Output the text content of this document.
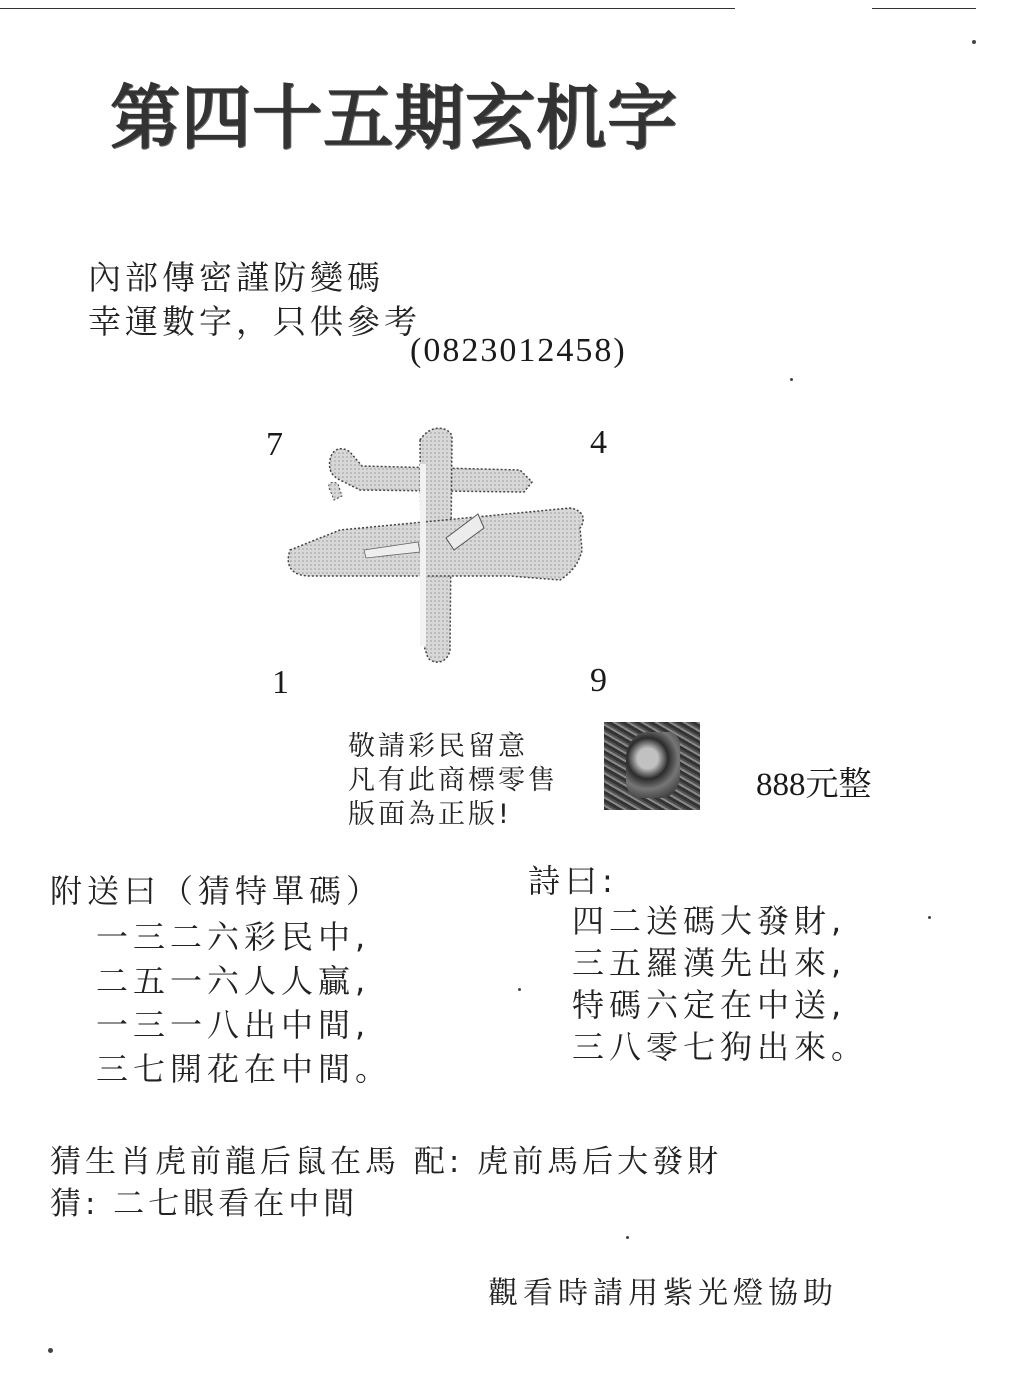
第四十五期玄机字
內部傳密謹防變碼
幸運數字，只供參考
(0823012458)
7	4
1	9
敬請彩民留意
凡有此商標零售
版面為正版!
888元整
附送曰（猜特單碼）
一三二六彩民中,
二五一六人人贏,
一三一八出中間,
三七開花在中間。
詩曰:
四二送碼大發財,
三五羅漢先出來,
特碼六定在中送,
三八零七狗出來。
猜生肖虎前龍后鼠在馬 配: 虎前馬后大發財
猜: 二七眼看在中間
觀看時請用紫光燈協助
